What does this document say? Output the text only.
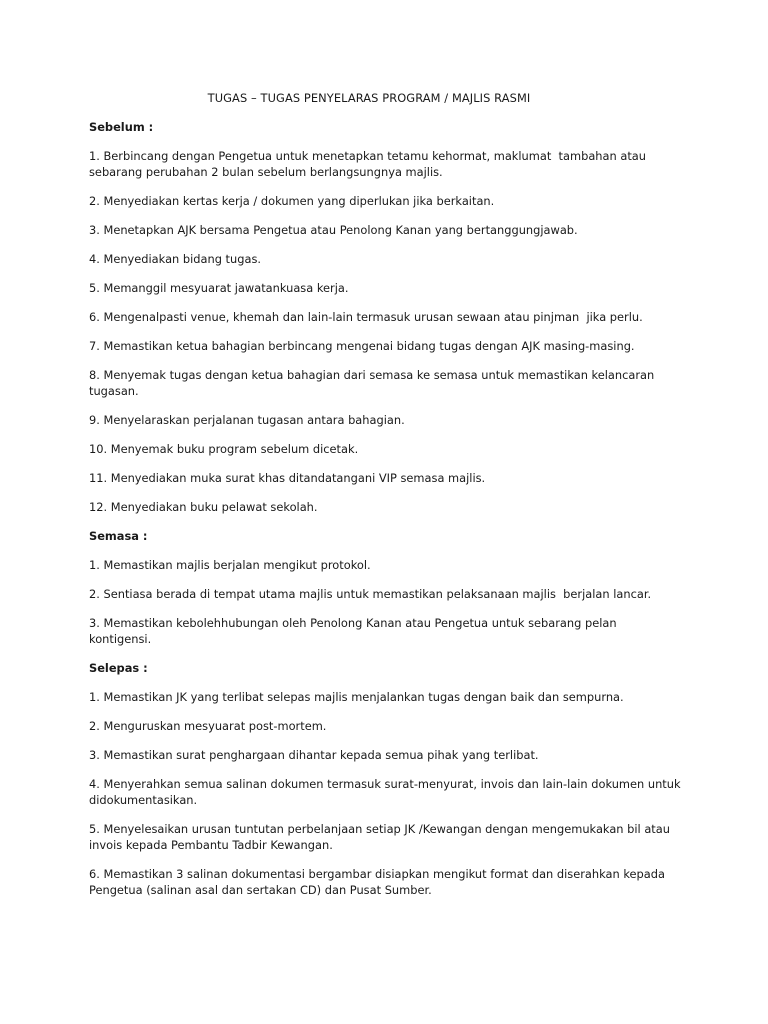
TUGAS – TUGAS PENYELARAS PROGRAM / MAJLIS RASMI
Sebelum :
1. Berbincang dengan Pengetua untuk menetapkan tetamu kehormat, maklumat  tambahan atau
sebarang perubahan 2 bulan sebelum berlangsungnya majlis.
2. Menyediakan kertas kerja / dokumen yang diperlukan jika berkaitan.
3. Menetapkan AJK bersama Pengetua atau Penolong Kanan yang bertanggungjawab.
4. Menyediakan bidang tugas.
5. Memanggil mesyuarat jawatankuasa kerja.
6. Mengenalpasti venue, khemah dan lain-lain termasuk urusan sewaan atau pinjman  jika perlu.
7. Memastikan ketua bahagian berbincang mengenai bidang tugas dengan AJK masing-masing.
8. Menyemak tugas dengan ketua bahagian dari semasa ke semasa untuk memastikan kelancaran
tugasan.
9. Menyelaraskan perjalanan tugasan antara bahagian.
10. Menyemak buku program sebelum dicetak.
11. Menyediakan muka surat khas ditandatangani VIP semasa majlis.
12. Menyediakan buku pelawat sekolah.
Semasa :
1. Memastikan majlis berjalan mengikut protokol.
2. Sentiasa berada di tempat utama majlis untuk memastikan pelaksanaan majlis  berjalan lancar.
3. Memastikan kebolehhubungan oleh Penolong Kanan atau Pengetua untuk sebarang pelan
kontigensi.
Selepas :
1. Memastikan JK yang terlibat selepas majlis menjalankan tugas dengan baik dan sempurna.
2. Menguruskan mesyuarat post-mortem.
3. Memastikan surat penghargaan dihantar kepada semua pihak yang terlibat.
4. Menyerahkan semua salinan dokumen termasuk surat-menyurat, invois dan lain-lain dokumen untuk
didokumentasikan.
5. Menyelesaikan urusan tuntutan perbelanjaan setiap JK /Kewangan dengan mengemukakan bil atau
invois kepada Pembantu Tadbir Kewangan.
6. Memastikan 3 salinan dokumentasi bergambar disiapkan mengikut format dan diserahkan kepada
Pengetua (salinan asal dan sertakan CD) dan Pusat Sumber.
